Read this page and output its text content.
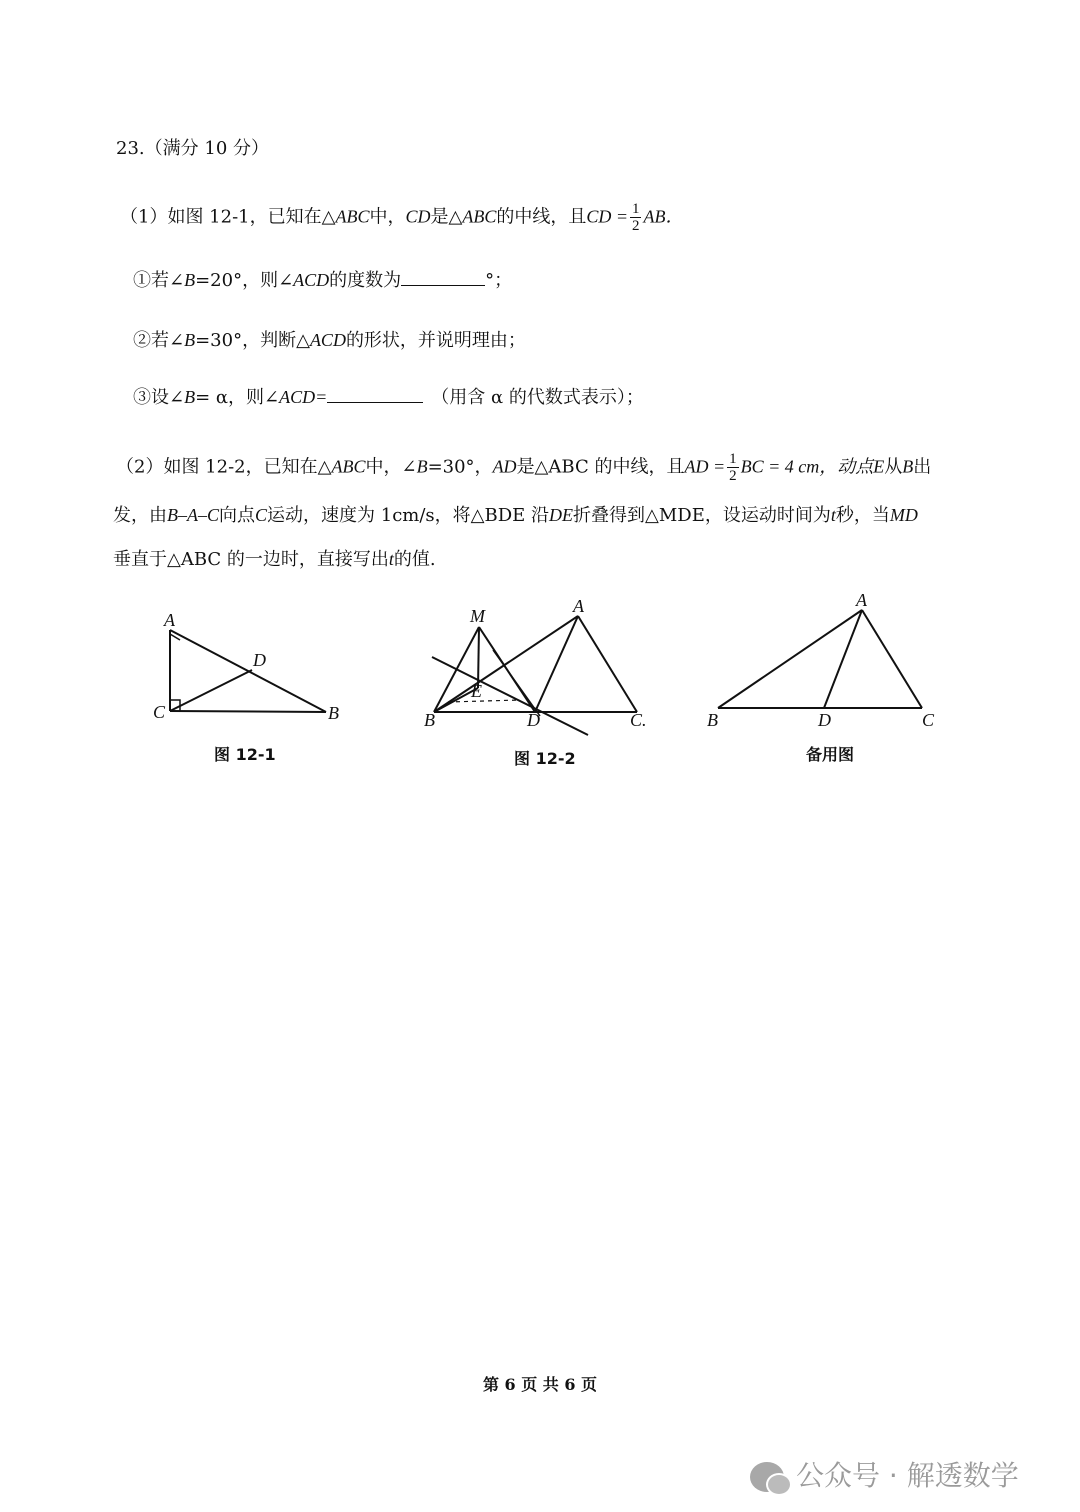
23.（满分 10 分）
（1）如图 12-1，已知在△ABC中，CD是△ABC的中线，且CD = $\frac{1}{2}$ AB．
①若∠B=20°，则∠ACD的度数为	°；
②若∠B=30°，判断△ACD的形状，并说明理由；
③设∠B= α，则∠ACD=	（用含 α 的代数式表示）；
（2）如图 12-2，已知在△ABC中，∠B=30°，AD是△ABC 的中线，且AD = $\frac{1}{2}$ BC = 4 cm，动点E从B出
发，由B–A–C向点C运动，速度为 1cm/s，将△BDE 沿DE折叠得到△MDE，设运动时间为t秒，当MD
垂直于△ABC 的一边时，直接写出t的值.
A
B
C
D
M	A
E
B	D	C.
A
B	D	C
图 12-1	图 12-2	备用图
第 6 页 共 6 页
公众号 · 解透数学
